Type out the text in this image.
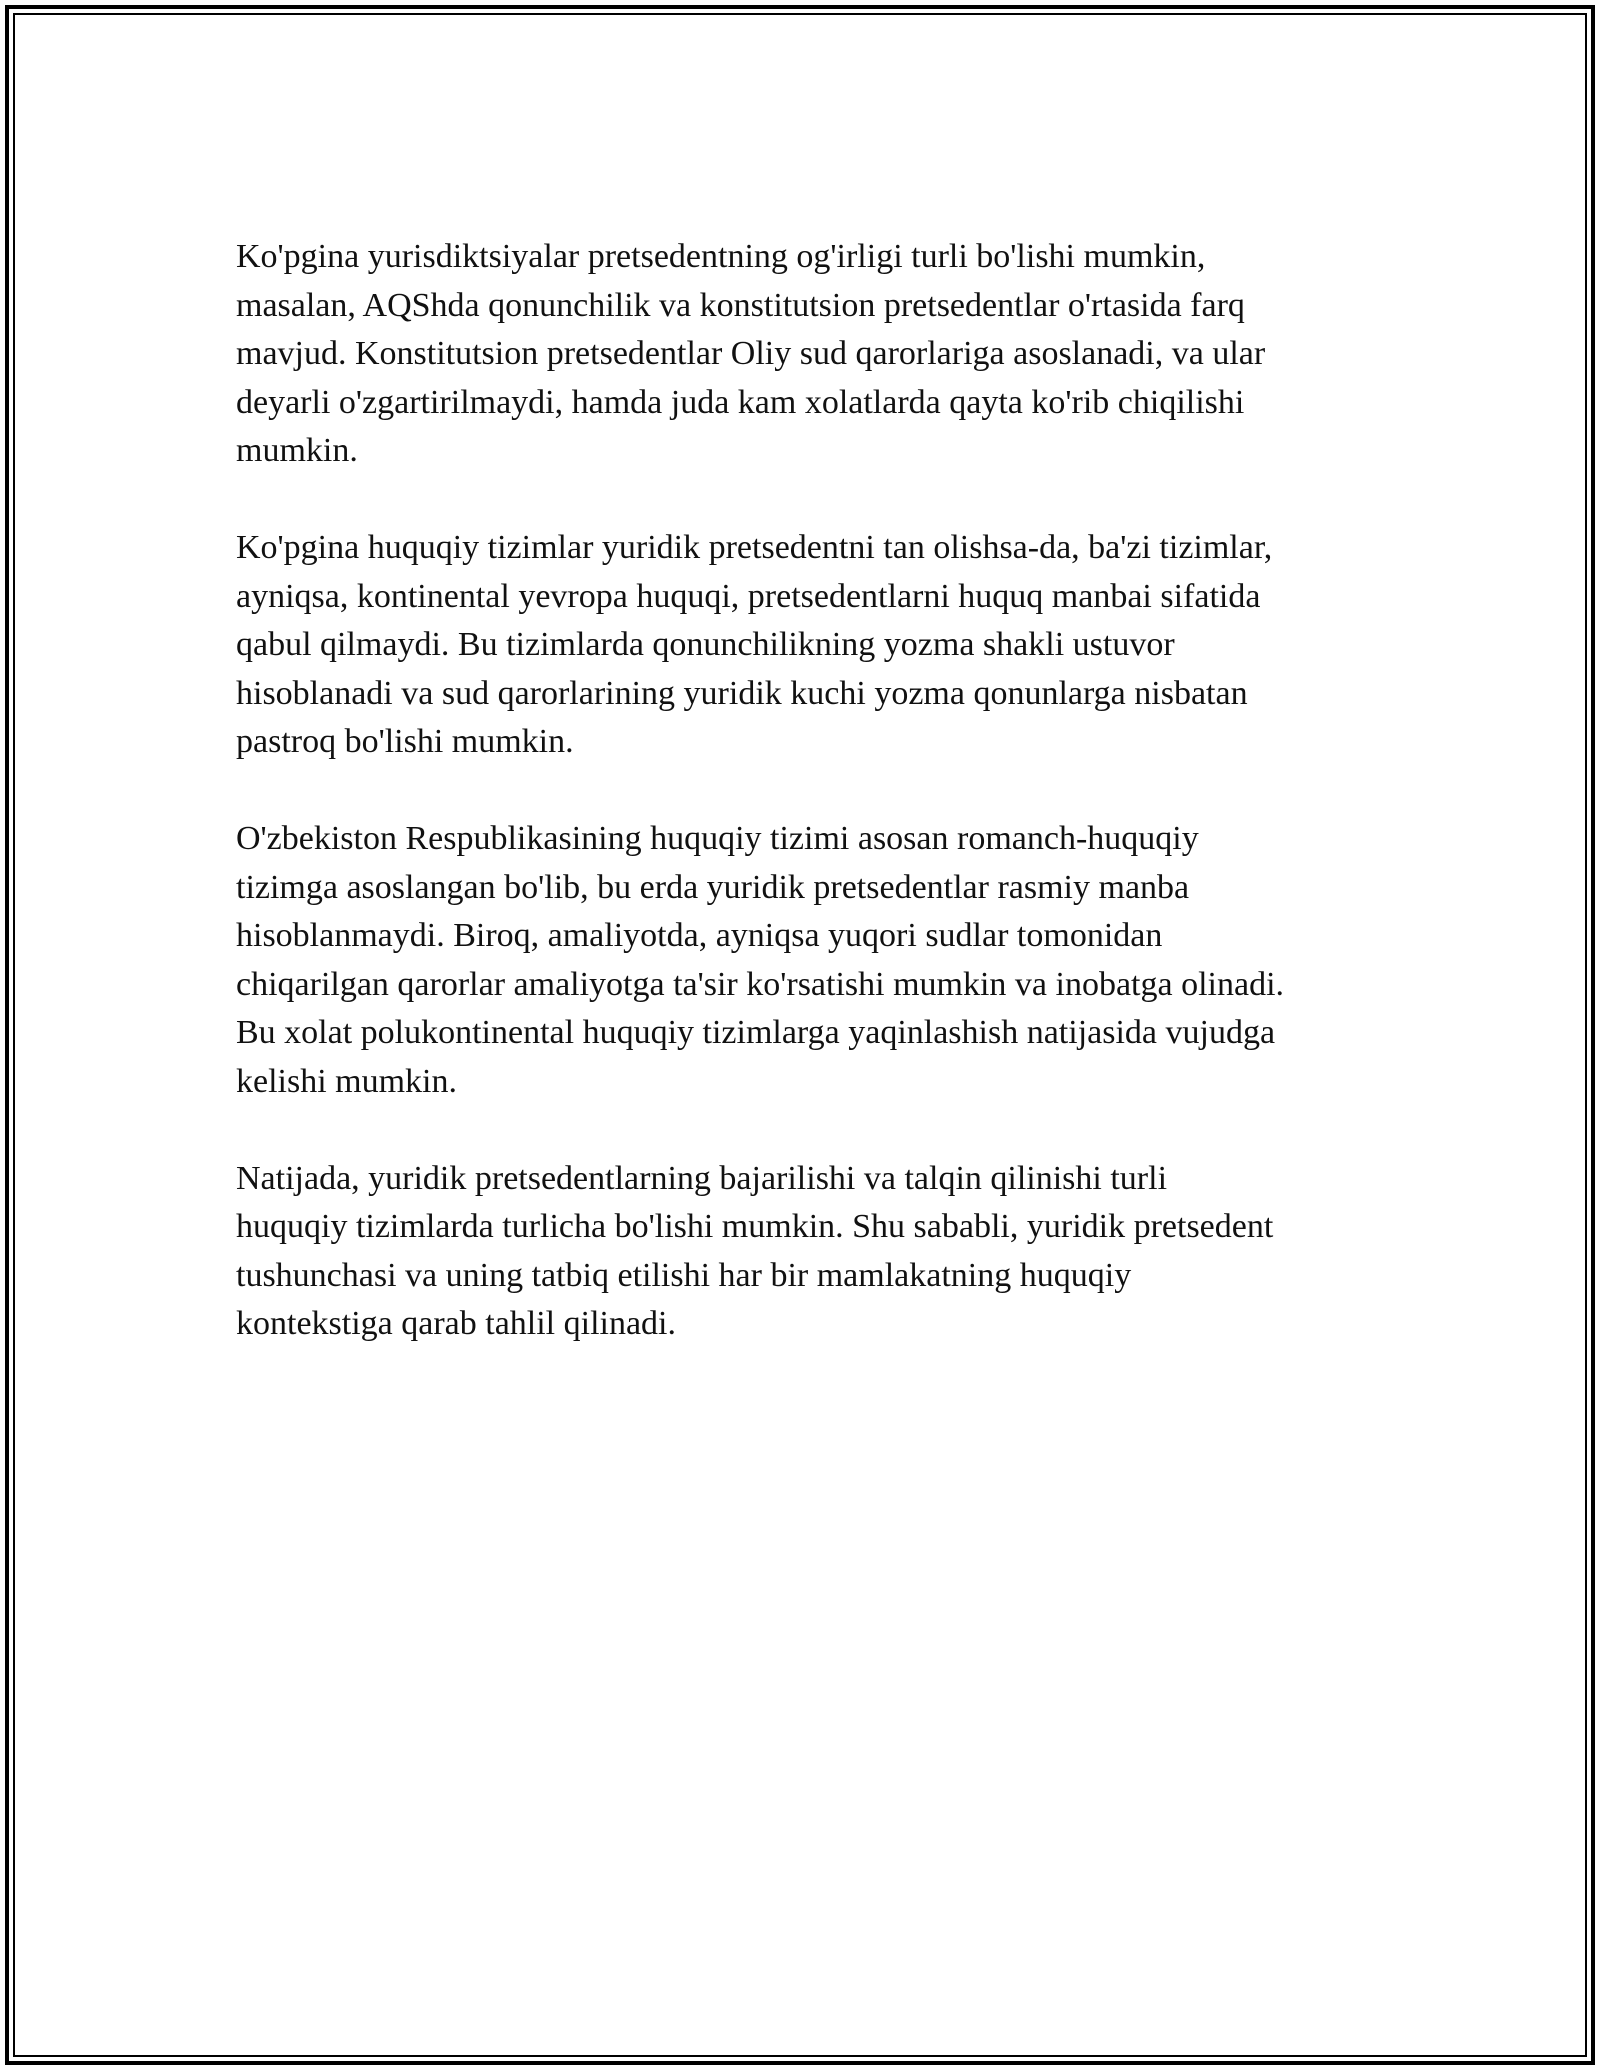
Ko'pgina yurisdiktsiyalar pretsedentning og'irligi turli bo'lishi mumkin,
masalan, AQShda qonunchilik va konstitutsion pretsedentlar o'rtasida farq
mavjud. Konstitutsion pretsedentlar Oliy sud qarorlariga asoslanadi, va ular
deyarli o'zgartirilmaydi, hamda juda kam xolatlarda qayta ko'rib chiqilishi
mumkin.

Ko'pgina huquqiy tizimlar yuridik pretsedentni tan olishsa-da, ba'zi tizimlar,
ayniqsa, kontinental yevropa huquqi, pretsedentlarni huquq manbai sifatida
qabul qilmaydi. Bu tizimlarda qonunchilikning yozma shakli ustuvor
hisoblanadi va sud qarorlarining yuridik kuchi yozma qonunlarga nisbatan
pastroq bo'lishi mumkin.

O'zbekiston Respublikasining huquqiy tizimi asosan romanch-huquqiy
tizimga asoslangan bo'lib, bu erda yuridik pretsedentlar rasmiy manba
hisoblanmaydi. Biroq, amaliyotda, ayniqsa yuqori sudlar tomonidan
chiqarilgan qarorlar amaliyotga ta'sir ko'rsatishi mumkin va inobatga olinadi.
Bu xolat polukontinental huquqiy tizimlarga yaqinlashish natijasida vujudga
kelishi mumkin.

Natijada, yuridik pretsedentlarning bajarilishi va talqin qilinishi turli
huquqiy tizimlarda turlicha bo'lishi mumkin. Shu sababli, yuridik pretsedent
tushunchasi va uning tatbiq etilishi har bir mamlakatning huquqiy
kontekstiga qarab tahlil qilinadi.
